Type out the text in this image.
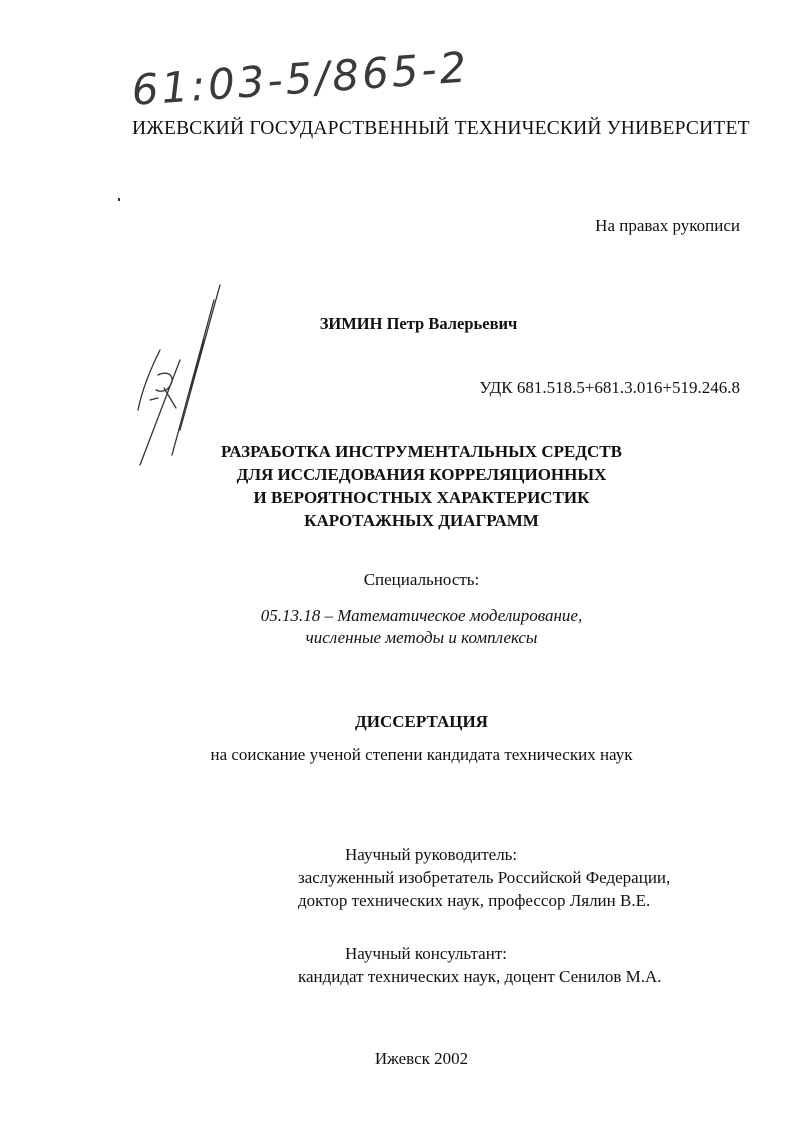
61:03-5/865-2
ИЖЕВСКИЙ ГОСУДАРСТВЕННЫЙ ТЕХНИЧЕСКИЙ УНИВЕРСИТЕТ
На правах рукописи
ЗИМИН Петр Валерьевич
УДК 681.518.5+681.3.016+519.246.8
РАЗРАБОТКА ИНСТРУМЕНТАЛЬНЫХ СРЕДСТВ
ДЛЯ ИССЛЕДОВАНИЯ КОРРЕЛЯЦИОННЫХ
И ВЕРОЯТНОСТНЫХ ХАРАКТЕРИСТИК
КАРОТАЖНЫХ ДИАГРАММ
Специальность:
05.13.18 – Математическое моделирование,
численные методы и комплексы
ДИССЕРТАЦИЯ
на соискание ученой степени кандидата технических наук
Научный руководитель:
заслуженный изобретатель Российской Федерации,
доктор технических наук, профессор Лялин В.Е.
Научный консультант:
кандидат технических наук, доцент Сенилов М.А.
Ижевск 2002
